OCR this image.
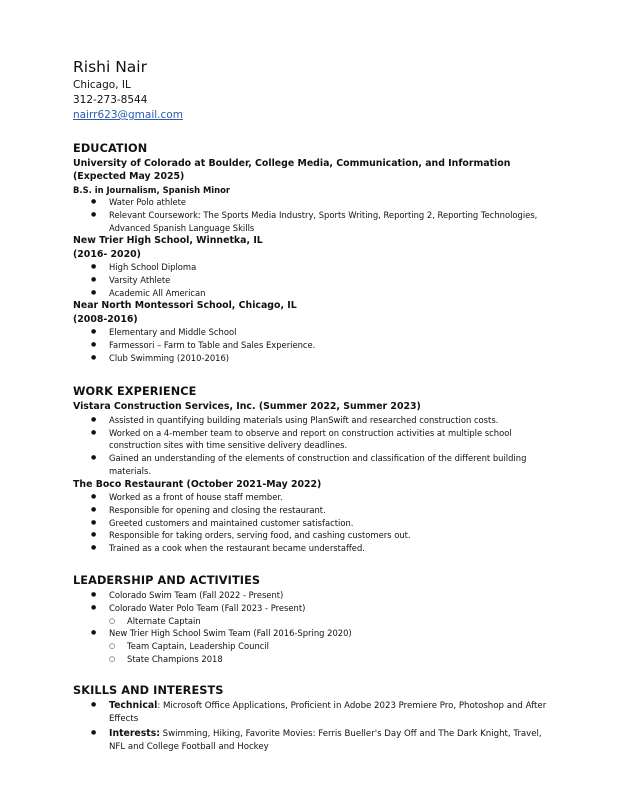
Rishi Nair
Chicago, IL
312-273-8544
nairr623@gmail.com
EDUCATION
University of Colorado at Boulder, College Media, Communication, and Information
(Expected May 2025)
B.S. in Journalism, Spanish Minor
● Water Polo athlete
● Relevant Coursework: The Sports Media Industry, Sports Writing, Reporting 2, Reporting Technologies, Advanced Spanish Language Skills
New Trier High School, Winnetka, IL
(2016- 2020)
● High School Diploma
● Varsity Athlete
● Academic All American
Near North Montessori School, Chicago, IL
(2008-2016)
● Elementary and Middle School
● Farmessori – Farm to Table and Sales Experience.
● Club Swimming (2010-2016)
WORK EXPERIENCE
Vistara Construction Services, Inc. (Summer 2022, Summer 2023)
● Assisted in quantifying building materials using PlanSwift and researched construction costs.
● Worked on a 4-member team to observe and report on construction activities at multiple school construction sites with time sensitive delivery deadlines.
● Gained an understanding of the elements of construction and classification of the different building materials.
The Boco Restaurant (October 2021-May 2022)
● Worked as a front of house staff member.
● Responsible for opening and closing the restaurant.
● Greeted customers and maintained customer satisfaction.
● Responsible for taking orders, serving food, and cashing customers out.
● Trained as a cook when the restaurant became understaffed.
LEADERSHIP AND ACTIVITIES
● Colorado Swim Team (Fall 2022 - Present)
● Colorado Water Polo Team (Fall 2023 - Present)
○ Alternate Captain
● New Trier High School Swim Team (Fall 2016-Spring 2020)
○ Team Captain, Leadership Council
○ State Champions 2018
SKILLS AND INTERESTS
● Technical: Microsoft Office Applications, Proficient in Adobe 2023 Premiere Pro, Photoshop and After Effects
● Interests: Swimming, Hiking, Favorite Movies: Ferris Bueller's Day Off and The Dark Knight, Travel, NFL and College Football and Hockey
